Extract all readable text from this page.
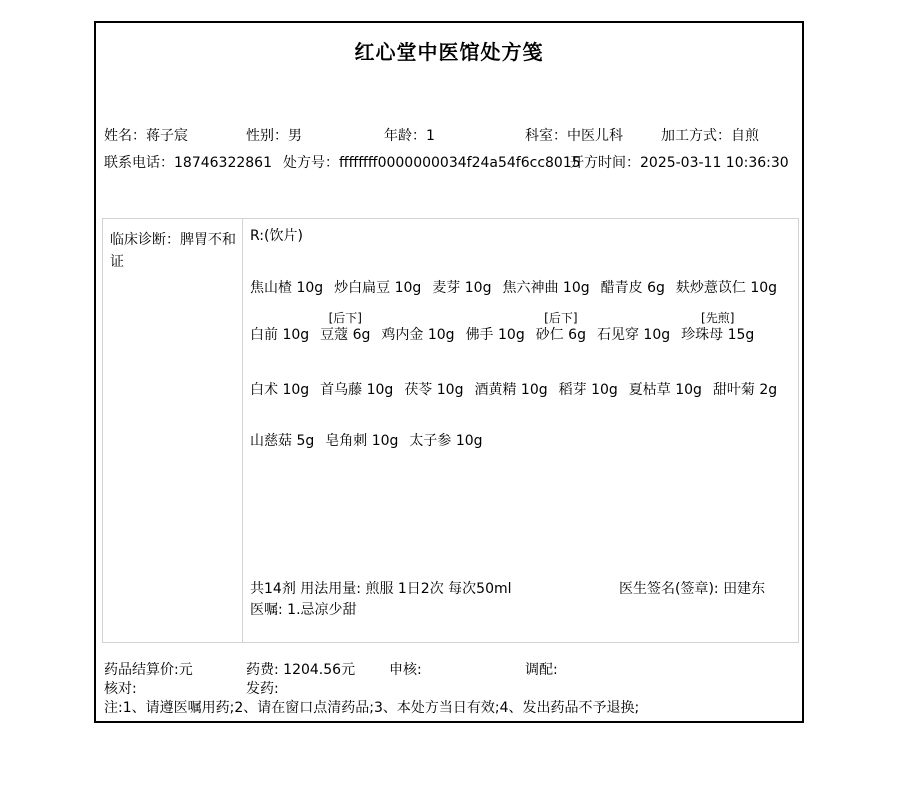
红心堂中医馆处方笺
姓名：蒋子宸	性别：男	年龄：1	科室：中医儿科	加工方式：自煎
联系电话：18746322861 处方号：ffffffff0000000034f24a54f6cc8015
开方时间：2025-03-11 10:36:30
临床诊断：脾胃不和证
R:(饮片)
焦山楂 10g 炒白扁豆 10g 麦芽 10g 焦六神曲 10g 醋青皮 6g 麸炒薏苡仁 10g
白前 10g
[后下]
豆蔻 6g 鸡内金 10g 佛手 10g
[后下]
砂仁 6g 石见穿 10g
[先煎]
珍珠母 15g
白术 10g 首乌藤 10g 茯苓 10g 酒黄精 10g 稻芽 10g 夏枯草 10g 甜叶菊 2g
山慈菇 5g 皂角刺 10g 太子参 10g
共14剂 用法用量: 煎服 1日2次 每次50ml	医生签名(签章): 田建东
医嘱: 1.忌凉少甜
药品结算价:元	药费: 1204.56元 申核:	调配:
核对:	发药:
注:1、请遵医嘱用药;2、请在窗口点清药品;3、本处方当日有效;4、发出药品不予退换;
